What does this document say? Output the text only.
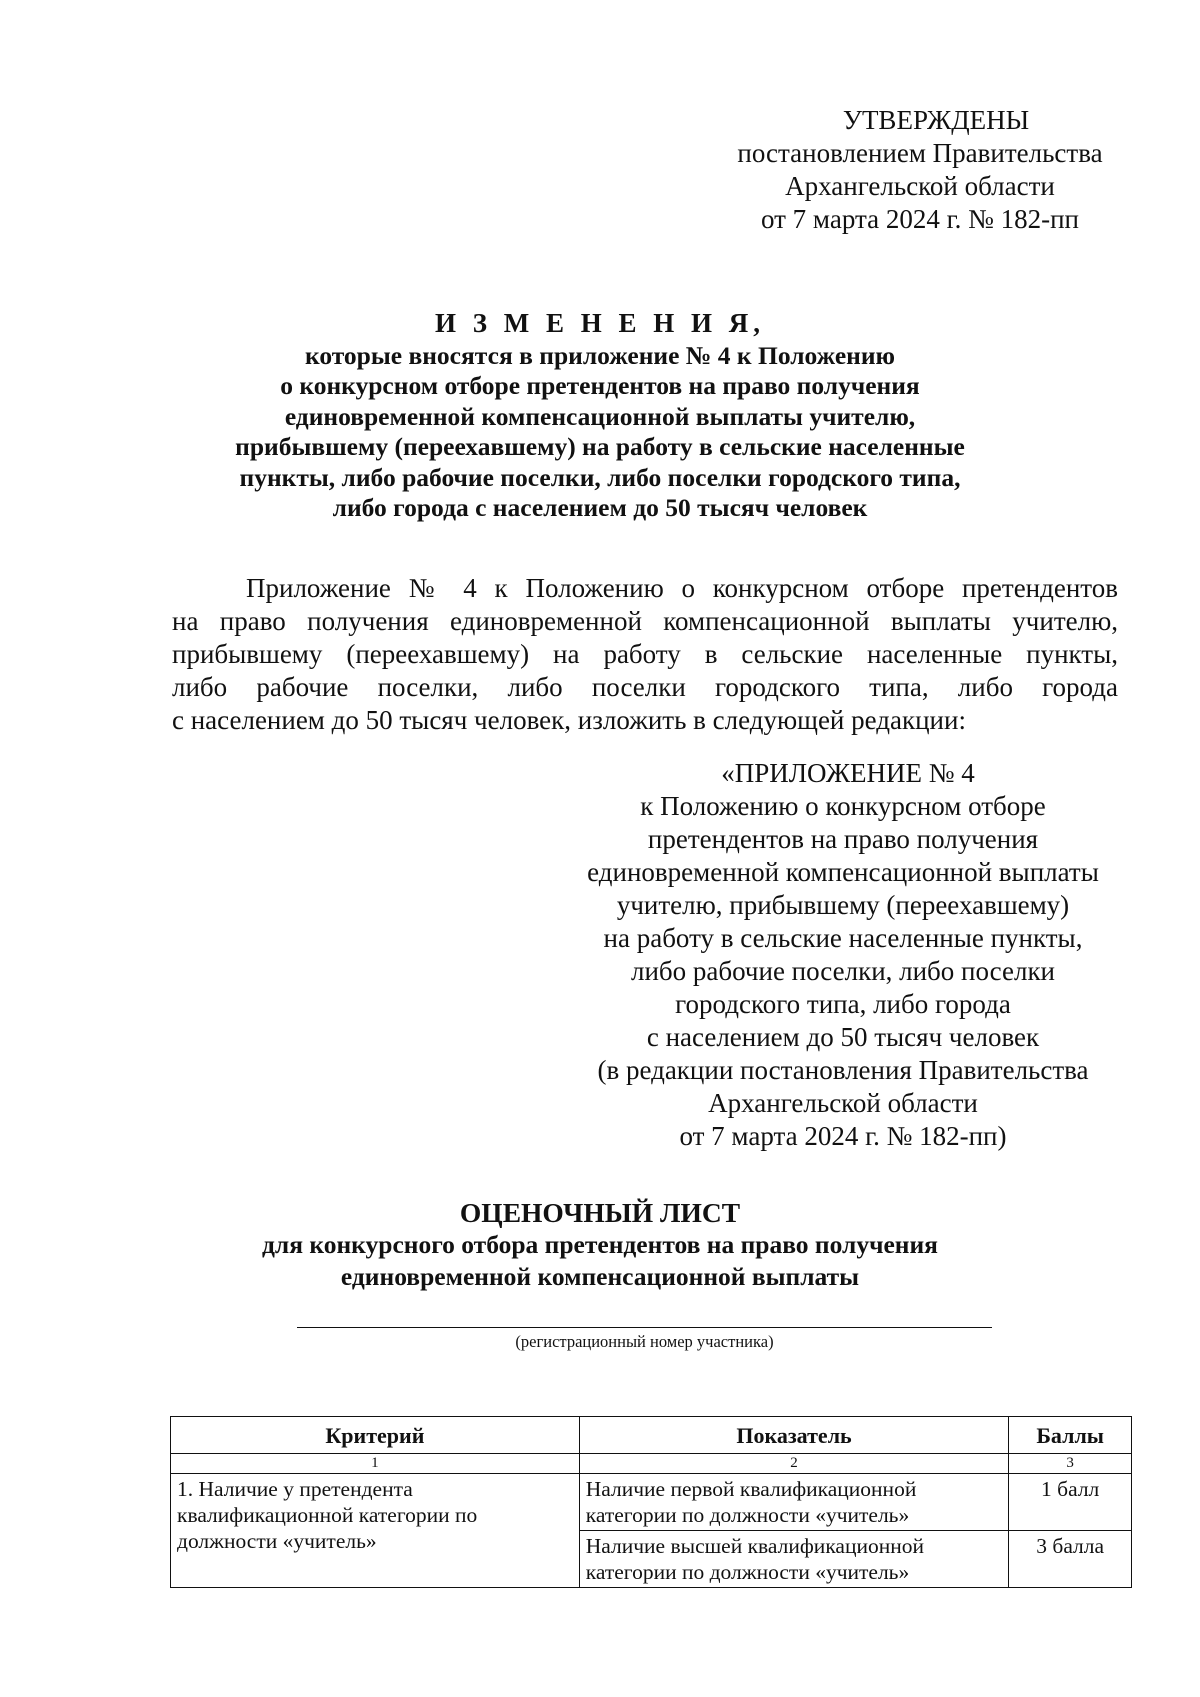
УТВЕРЖДЕНЫ
постановлением Правительства
Архангельской области
от 7 марта 2024 г. № 182-пп
И З М Е Н Е Н И Я,
которые вносятся в приложение № 4 к Положению
о конкурсном отборе претендентов на право получения
единовременной компенсационной выплаты учителю,
прибывшему (переехавшему) на работу в сельские населенные
пункты, либо рабочие поселки, либо поселки городского типа,
либо города с населением до 50 тысяч человек
Приложение № 4 к Положению о конкурсном отборе претендентов
на право получения единовременной компенсационной выплаты учителю,
прибывшему (переехавшему) на работу в сельские населенные пункты,
либо рабочие поселки, либо поселки городского типа, либо города
с населением до 50 тысяч человек, изложить в следующей редакции:
«ПРИЛОЖЕНИЕ № 4
к Положению о конкурсном отборе
претендентов на право получения
единовременной компенсационной выплаты
учителю, прибывшему (переехавшему)
на работу в сельские населенные пункты,
либо рабочие поселки, либо поселки
городского типа, либо города
с населением до 50 тысяч человек
(в редакции постановления Правительства
Архангельской области
от 7 марта 2024 г. № 182-пп)
ОЦЕНОЧНЫЙ ЛИСТ
для конкурсного отбора претендентов на право получения
единовременной компенсационной выплаты
(регистрационный номер участника)
Критерий	Показатель	Баллы
1	2	3
1. Наличие у претендента квалификационной категории по должности «учитель»	Наличие первой квалификационной категории по должности «учитель»	1 балл
	Наличие высшей квалификационной категории по должности «учитель»	3 балла
